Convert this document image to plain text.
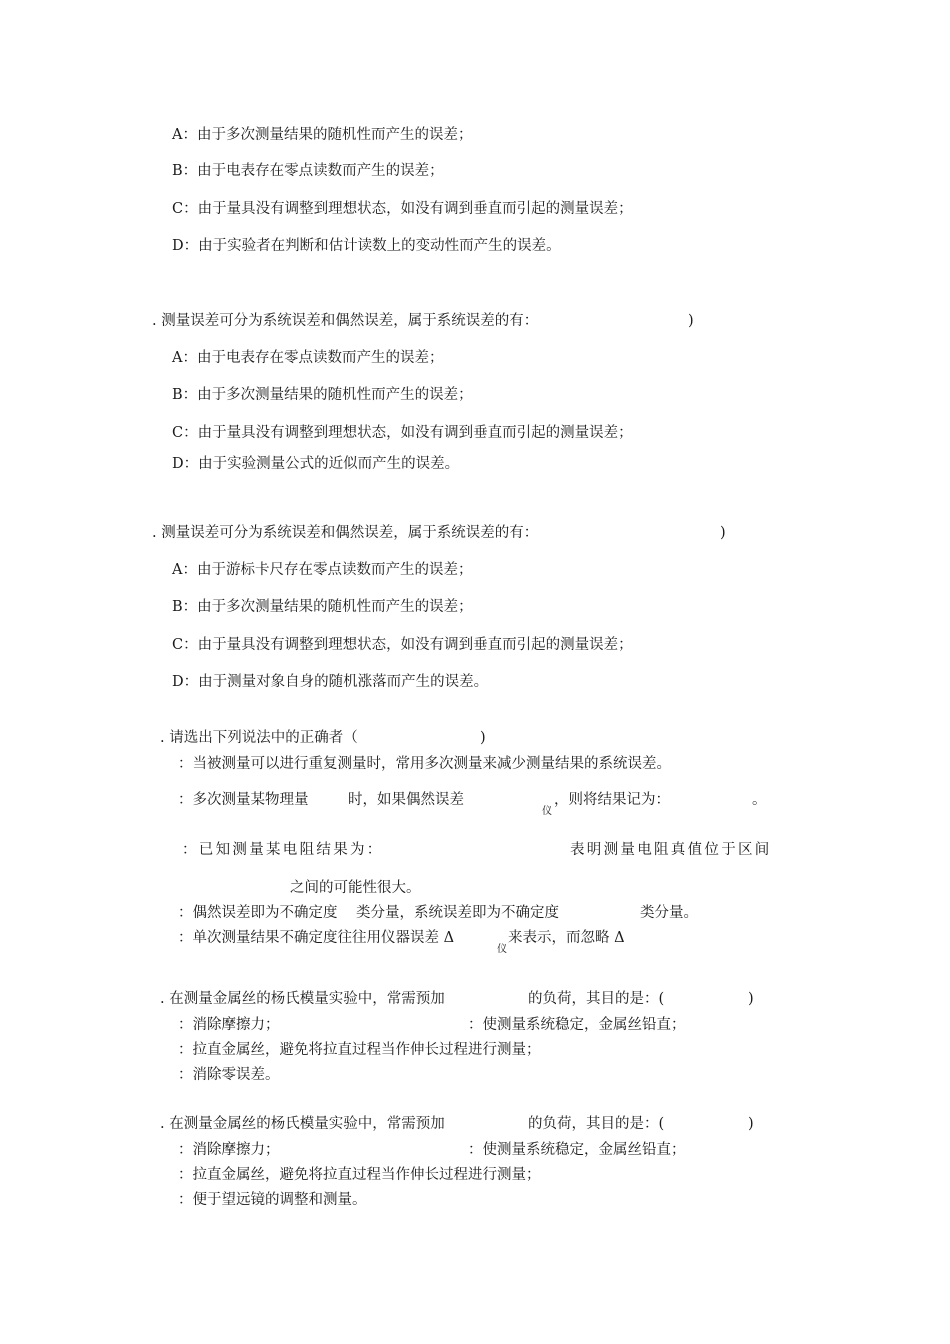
A：由于多次测量结果的随机性而产生的误差；
B：由于电表存在零点读数而产生的误差；
C：由于量具没有调整到理想状态，如没有调到垂直而引起的测量误差；
D：由于实验者在判断和估计读数上的变动性而产生的误差。
. 测量误差可分为系统误差和偶然误差，属于系统误差的有：	)
A：由于电表存在零点读数而产生的误差；
B：由于多次测量结果的随机性而产生的误差；
C：由于量具没有调整到理想状态，如没有调到垂直而引起的测量误差；
D：由于实验测量公式的近似而产生的误差。
. 测量误差可分为系统误差和偶然误差，属于系统误差的有：	)
A：由于游标卡尺存在零点读数而产生的误差；
B：由于多次测量结果的随机性而产生的误差；
C：由于量具没有调整到理想状态，如没有调到垂直而引起的测量误差；
D：由于测量对象自身的随机涨落而产生的误差。
. 请选出下列说法中的正确者（	)
：当被测量可以进行重复测量时，常用多次测量来减少测量结果的系统误差。
：多次测量某物理量	时，如果偶然误差
仪
，则将结果记为：	。
：已知测量某电阻结果为：	表明测量电阻真值位于区间
之间的可能性很大。
：偶然误差即为不确定度 类分量，系统误差即为不确定度	类分量。
：单次测量结果不确定度往往用仪器误差 Δ
仪
来表示，而忽略 Δ
. 在测量金属丝的杨氏模量实验中，常需预加	的负荷，其目的是：(	)
：消除摩擦力；	：使测量系统稳定，金属丝铅直；
：拉直金属丝，避免将拉直过程当作伸长过程进行测量；
：消除零误差。
. 在测量金属丝的杨氏模量实验中，常需预加	的负荷，其目的是：(	)
：消除摩擦力；	：使测量系统稳定，金属丝铅直；
：拉直金属丝，避免将拉直过程当作伸长过程进行测量；
：便于望远镜的调整和测量。
